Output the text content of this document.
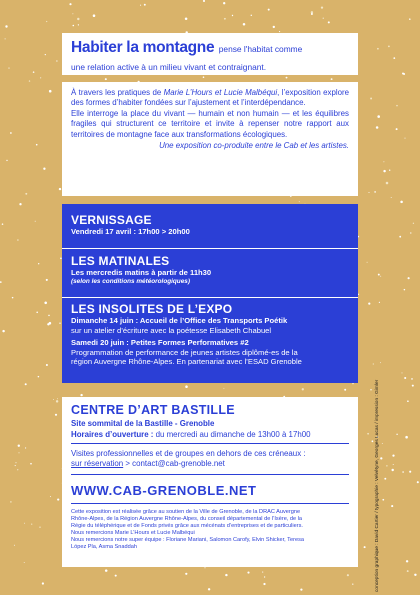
Habiter la montagne pense l'habitat comme
une relation active à un milieu vivant et contraignant.

À travers les pratiques de Marie L’Hours et Lucie Malbéqui, l’exposition explore des formes d’habiter fondées sur l’ajustement et l’interdépendance.

Elle interroge la place du vivant — humain et non humain — et les équilibres fragiles qui structurent ce territoire et invite à repenser notre rapport aux territoires de montagne face aux transformations écologiques.

Une exposition co-produite entre le Cab et les artistes.

VERNISSAGE
Vendredi 17 avril : 17h00 > 20h00
LES MATINALES
Les mercredis matins à partir de 11h30
(selon les conditions météorologiques)
LES INSOLITES DE L’EXPO
Dimanche 14 juin : Accueil de l’Office des Transports Poétik
sur un atelier d’écriture avec la poétesse Elisabeth Chabuel
Samedi 20 juin : Petites Formes Performatives #2
Programmation de performance de jeunes artistes diplômé-es de la
région Auvergne Rhône-Alpes. En partenariat avec l’ESAD Grenoble
CENTRE D’ART BASTILLE
Site sommital de la Bastille - Grenoble
Horaires d’ouverture : du mercredi au dimanche de 13h00 à 17h00
Visites professionnelles et de groupes en dehors de ces créneaux :
sur réservation > contact@cab-grenoble.net
WWW.CAB-GRENOBLE.NET
Cette exposition est réalisée grâce au soutien de la Ville de Grenoble, de la DRAC Auvergne
Rhône-Alpes, de la Région Auvergne Rhône-Alpes, du conseil départemental de l’Isère, de la
Régie du téléphérique et de Fonds privés grâce aux mécénats d’entreprises et de particuliers.
Nous remercions Marie L’Hours et Lucie Malbéqui
Nous remercions notre super équipe : Floriane Mariani, Salomon Carofy, Elvin Shicker, Teresa
López Pla, Asma Snaddah	conception graphique : David Cartier / typographie : Velvétyne, Georges Lucas / impression : Gimler
